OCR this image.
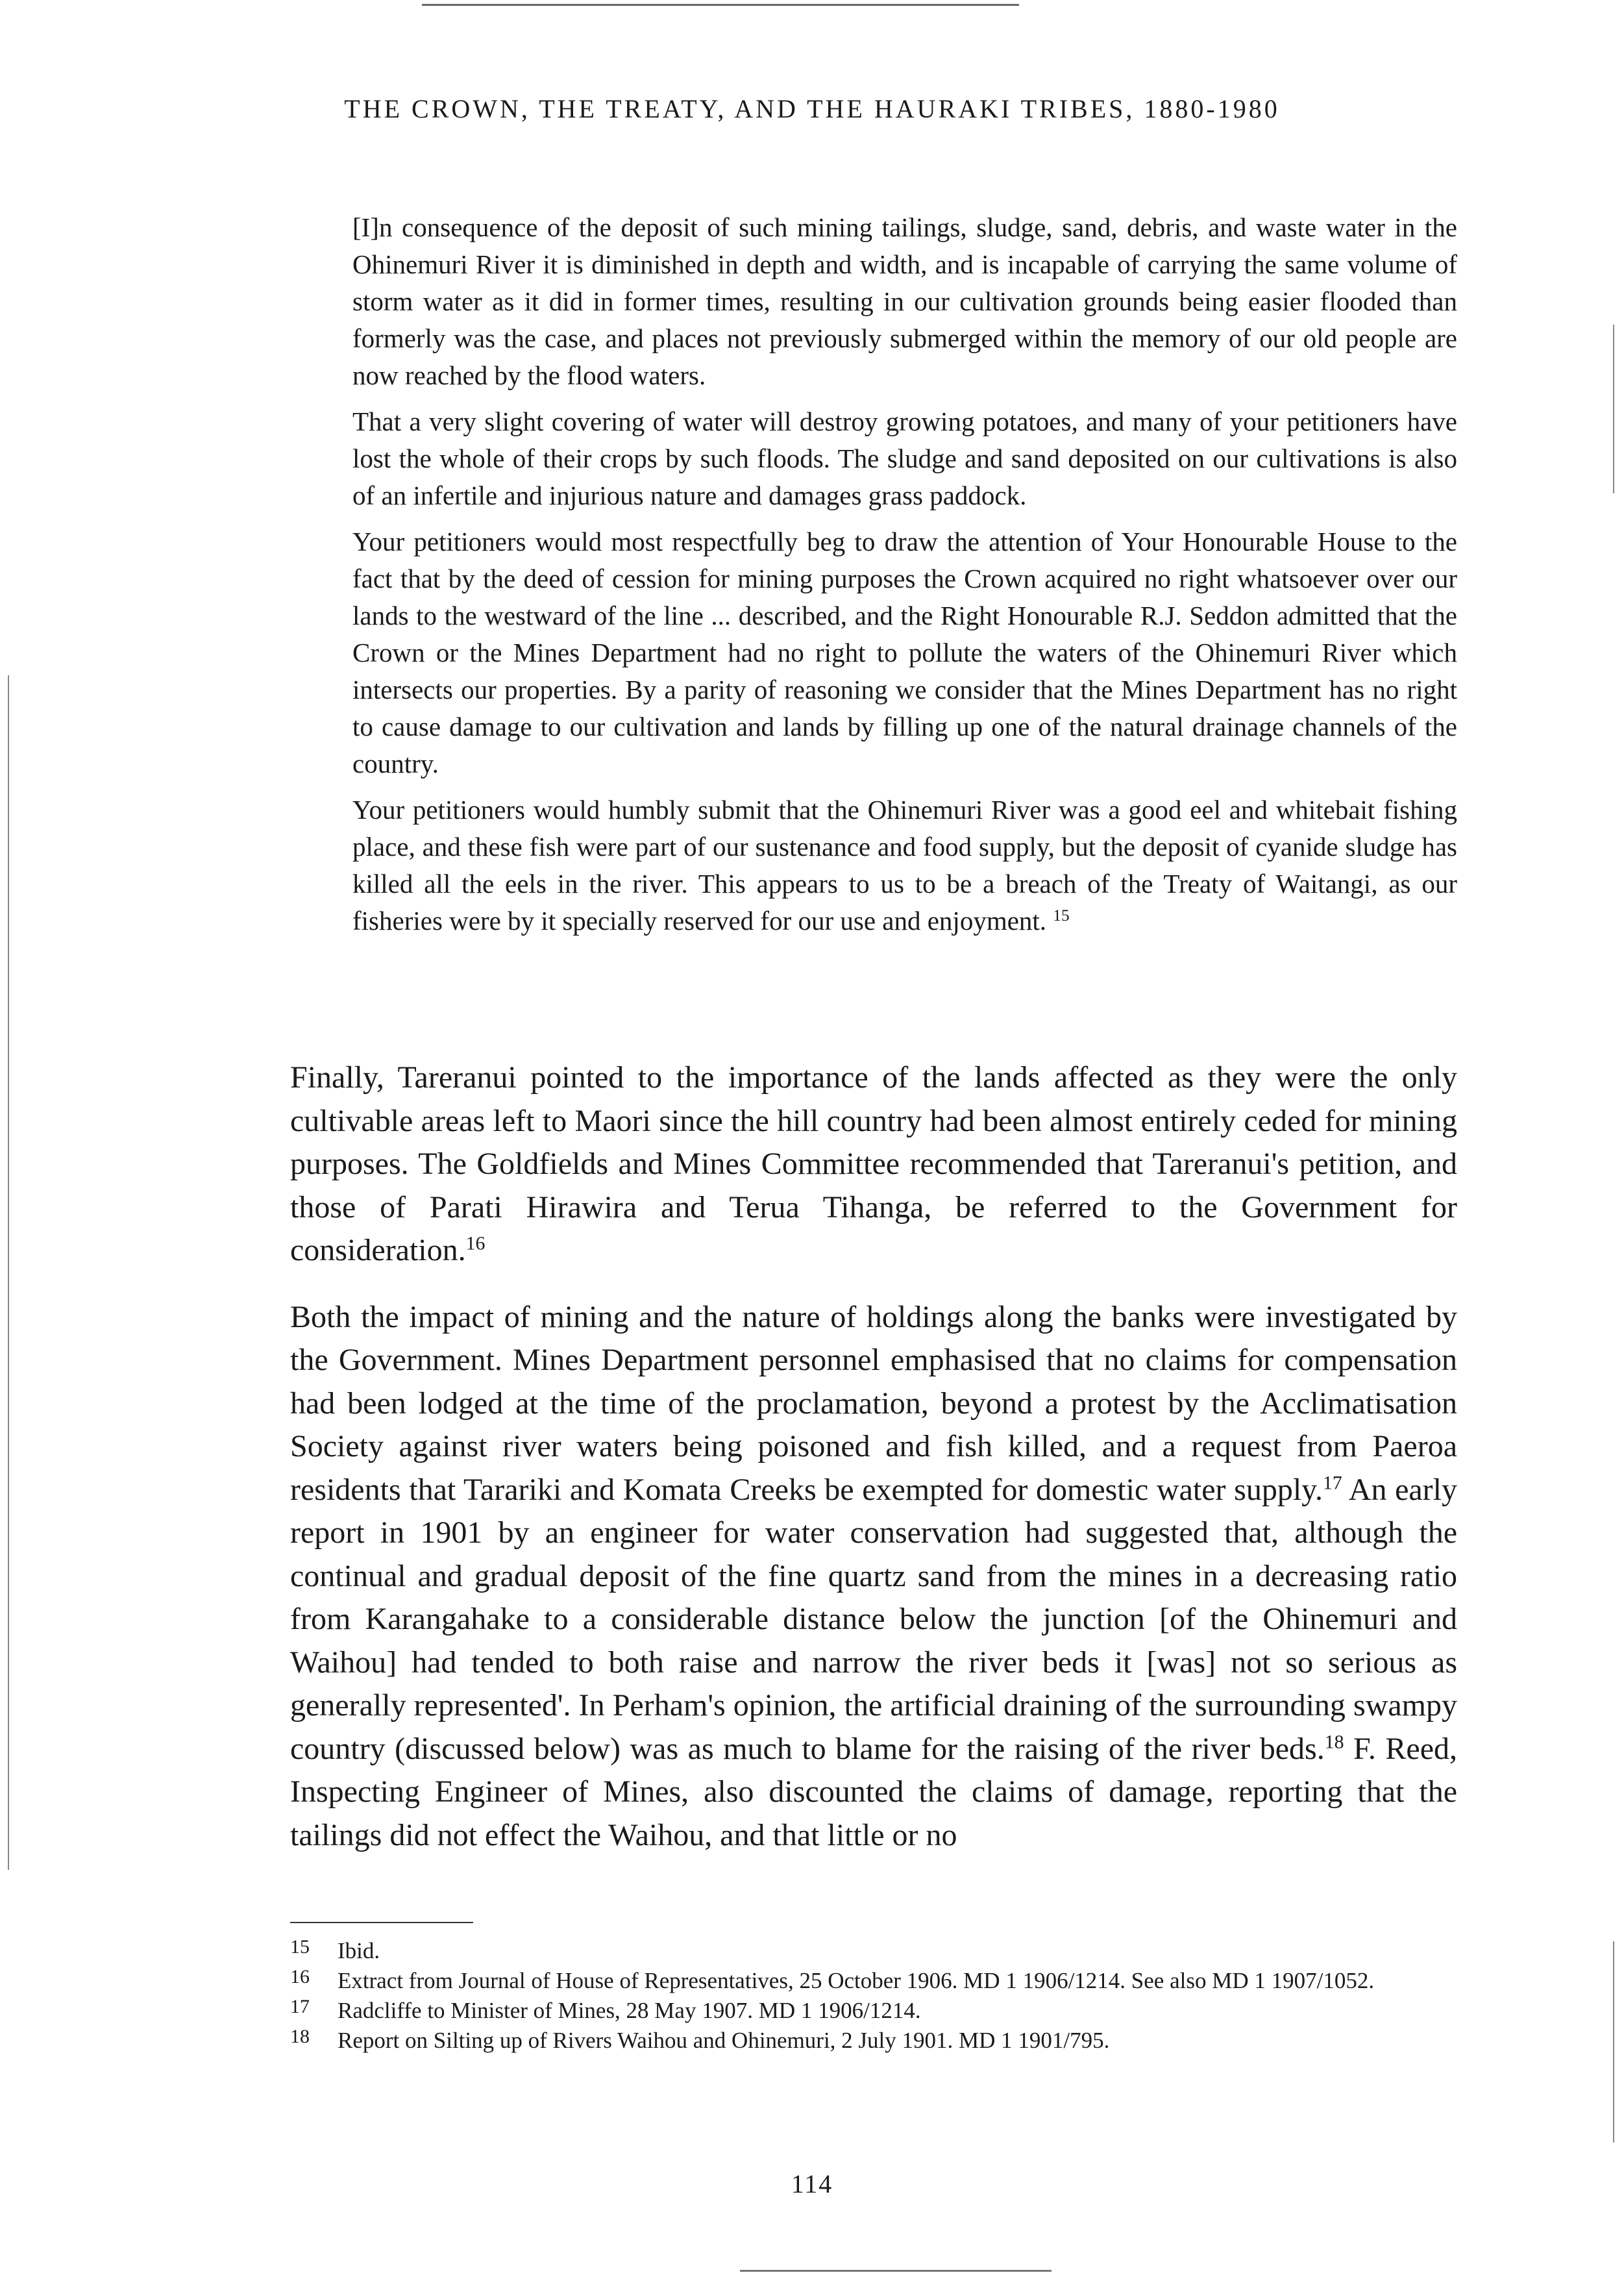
THE CROWN, THE TREATY, AND THE HAURAKI TRIBES, 1880-1980

[I]n consequence of the deposit of such mining tailings, sludge, sand, debris, and waste water in the Ohinemuri River it is diminished in depth and width, and is incapable of carrying the same volume of storm water as it did in former times, resulting in our cultivation grounds being easier flooded than formerly was the case, and places not previously submerged within the memory of our old people are now reached by the flood waters.

That a very slight covering of water will destroy growing potatoes, and many of your petitioners have lost the whole of their crops by such floods. The sludge and sand deposited on our cultivations is also of an infertile and injurious nature and damages grass paddock.

Your petitioners would most respectfully beg to draw the attention of Your Honourable House to the fact that by the deed of cession for mining purposes the Crown acquired no right whatsoever over our lands to the westward of the line ... described, and the Right Honourable R.J. Seddon admitted that the Crown or the Mines Department had no right to pollute the waters of the Ohinemuri River which intersects our properties. By a parity of reasoning we consider that the Mines Department has no right to cause damage to our cultivation and lands by filling up one of the natural drainage channels of the country.

Your petitioners would humbly submit that the Ohinemuri River was a good eel and whitebait fishing place, and these fish were part of our sustenance and food supply, but the deposit of cyanide sludge has killed all the eels in the river. This appears to us to be a breach of the Treaty of Waitangi, as our fisheries were by it specially reserved for our use and enjoyment. $^{15}$

Finally, Tareranui pointed to the importance of the lands affected as they were the only cultivable areas left to Maori since the hill country had been almost entirely ceded for mining purposes. The Goldfields and Mines Committee recommended that Tareranui's petition, and those of Parati Hirawira and Terua Tihanga, be referred to the Government for consideration.$^{16}$

Both the impact of mining and the nature of holdings along the banks were investigated by the Government. Mines Department personnel emphasised that no claims for compensation had been lodged at the time of the proclamation, beyond a protest by the Acclimatisation Society against river waters being poisoned and fish killed, and a request from Paeroa residents that Tarariki and Komata Creeks be exempted for domestic water supply.$^{17}$ An early report in 1901 by an engineer for water conservation had suggested that, although the continual and gradual deposit of the fine quartz sand from the mines in a decreasing ratio from Karangahake to a considerable distance below the junction [of the Ohinemuri and Waihou] had tended to both raise and narrow the river beds it [was] not so serious as generally represented'. In Perham's opinion, the artificial draining of the surrounding swampy country (discussed below) was as much to blame for the raising of the river beds.$^{18}$ F. Reed, Inspecting Engineer of Mines, also discounted the claims of damage, reporting that the tailings did not effect the Waihou, and that little or no

15 Ibid.
16 Extract from Journal of House of Representatives, 25 October 1906. MD 1 1906/1214. See also MD 1 1907/1052.
17 Radcliffe to Minister of Mines, 28 May 1907. MD 1 1906/1214.
18 Report on Silting up of Rivers Waihou and Ohinemuri, 2 July 1901. MD 1 1901/795.
114
